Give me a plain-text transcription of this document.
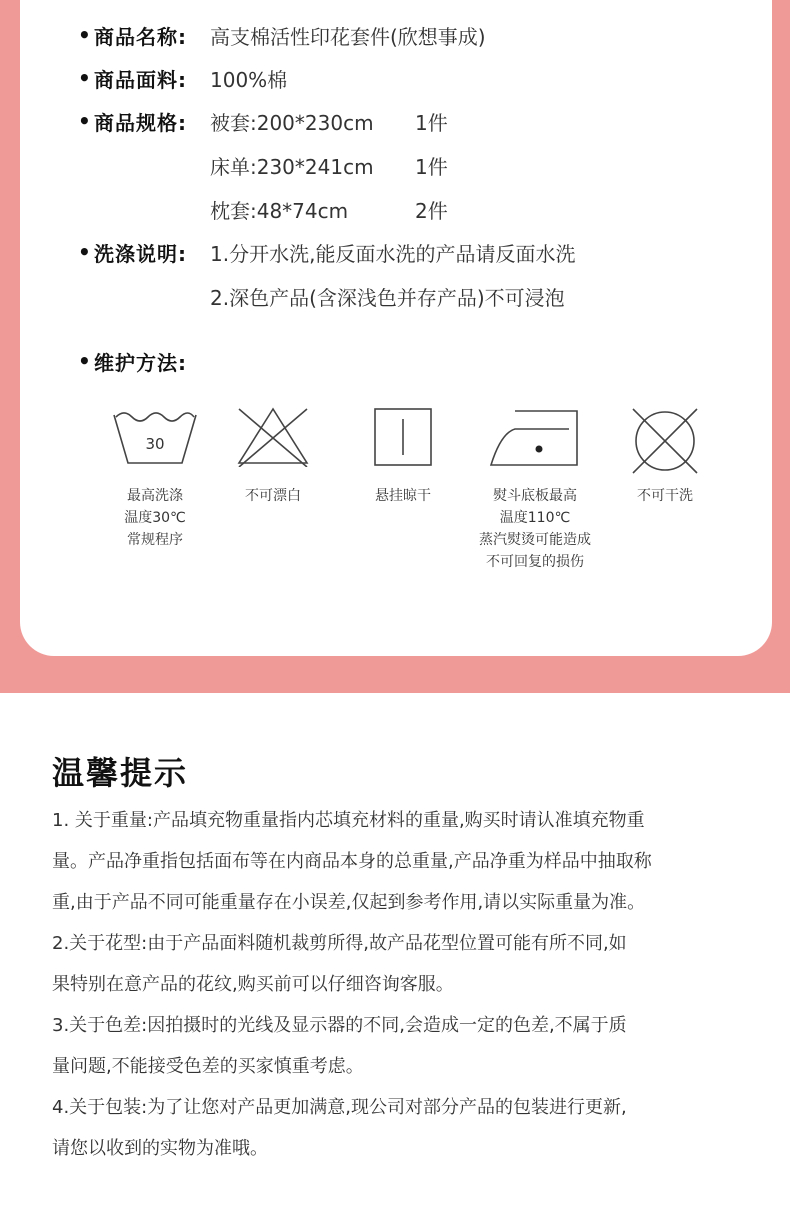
• 商品名称:	高支棉活性印花套件(欣想事成)
• 商品面料:	100%棉
• 商品规格:	被套:200*230cm 1件
床单:230*241cm 1件
枕套:48*74cm	2件
• 洗涤说明:	1.分开水洗,能反面水洗的产品请反面水洗
2.深色产品(含深浅色并存产品)不可浸泡
• 维护方法:
30
最高洗涤
温度30℃
常规程序
不可漂白	悬挂晾干	熨斗底板最高
温度110℃
蒸汽熨烫可能造成
不可回复的损伤
不可干洗
温馨提示

1. 关于重量:产品填充物重量指内芯填充材料的重量,购买时请认准填充物重

量。产品净重指包括面布等在内商品本身的总重量,产品净重为样品中抽取称

重,由于产品不同可能重量存在小误差,仅起到参考作用,请以实际重量为准。

2.关于花型:由于产品面料随机裁剪所得,故产品花型位置可能有所不同,如

果特别在意产品的花纹,购买前可以仔细咨询客服。

3.关于色差:因拍摄时的光线及显示器的不同,会造成一定的色差,不属于质

量问题,不能接受色差的买家慎重考虑。

4.关于包装:为了让您对产品更加满意,现公司对部分产品的包装进行更新,

请您以收到的实物为准哦。
